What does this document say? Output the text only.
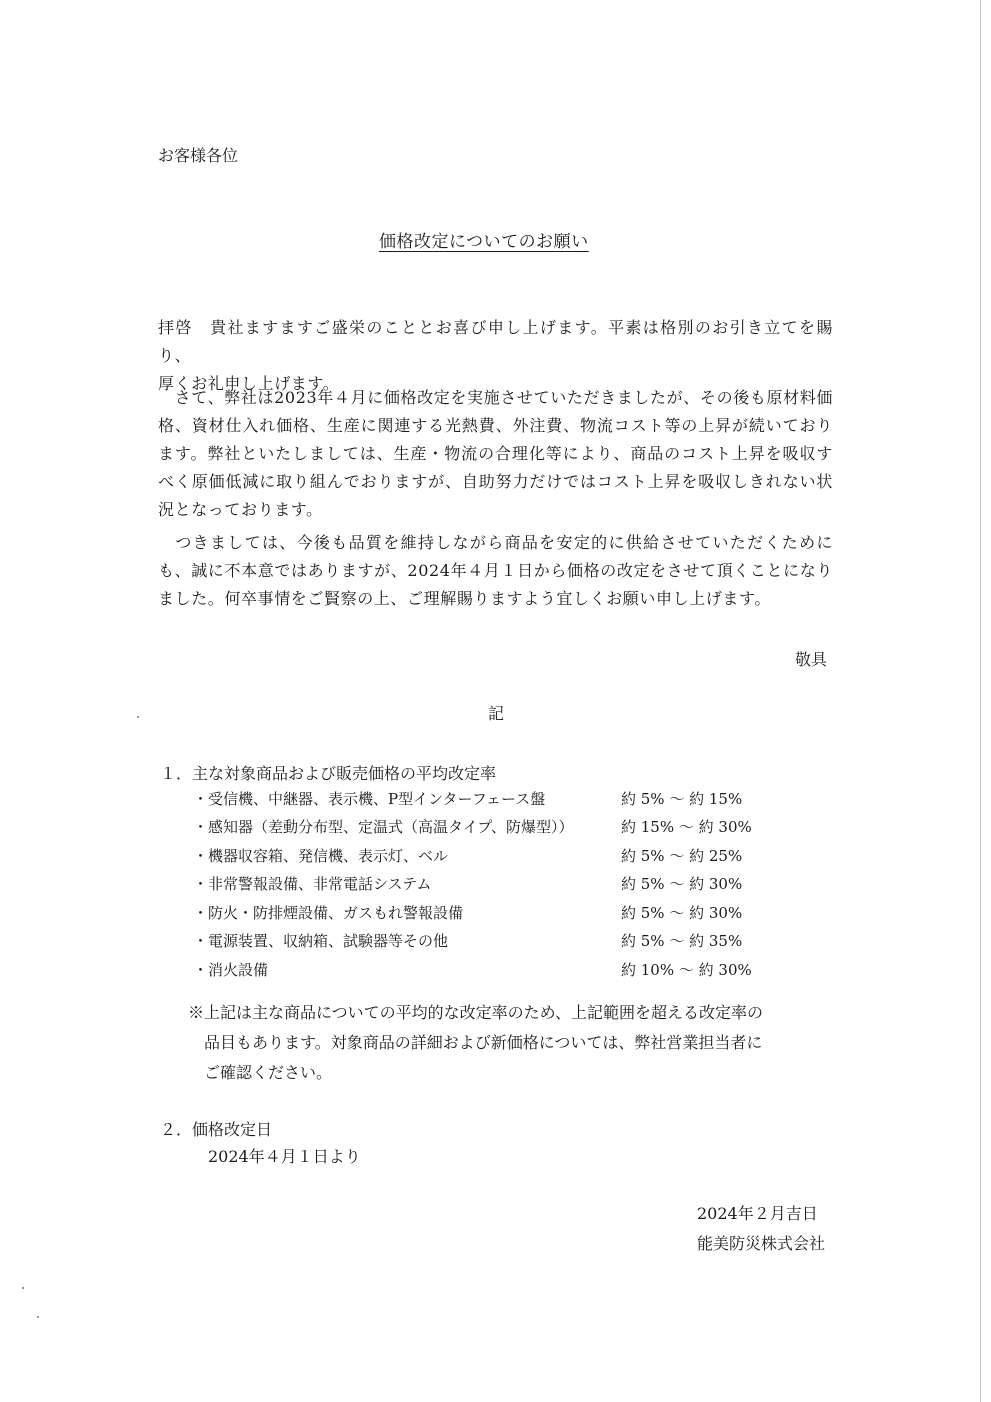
お客様各位
価格改定についてのお願い

拝啓　貴社ますますご盛栄のこととお喜び申し上げます。平素は格別のお引き立てを賜り、

厚くお礼申し上げます。

　さて、弊社は2023年４月に価格改定を実施させていただきましたが、その後も原材料価格、資材仕入れ価格、生産に関連する光熱費、外注費、物流コスト等の上昇が続いております。弊社といたしましては、生産・物流の合理化等により、商品のコスト上昇を吸収すべく原価低減に取り組んでおりますが、自助努力だけではコスト上昇を吸収しきれない状況となっております。

　つきましては、今後も品質を維持しながら商品を安定的に供給させていただくためにも、誠に不本意ではありますが、2024年４月１日から価格の改定をさせて頂くことになりました。何卒事情をご賢察の上、ご理解賜りますよう宜しくお願い申し上げます。

敬具
記
１．主な対象商品および販売価格の平均改定率
・受信機、中継器、表示機、P型インターフェース盤	約 5% ～ 約 15%
・感知器（差動分布型、定温式（高温タイプ、防爆型））	約 15% ～ 約 30%
・機器収容箱、発信機、表示灯、ベル	約 5% ～ 約 25%
・非常警報設備、非常電話システム	約 5% ～ 約 30%
・防火・防排煙設備、ガスもれ警報設備	約 5% ～ 約 30%
・電源装置、収納箱、試験器等その他	約 5% ～ 約 35%
・消火設備	約 10% ～ 約 30%

※上記は主な商品についての平均的な改定率のため、上記範囲を超える改定率の

　品目もあります。対象商品の詳細および新価格については、弊社営業担当者に

　ご確認ください。

２．価格改定日
2024年４月１日より
2024年２月吉日
能美防災株式会社
